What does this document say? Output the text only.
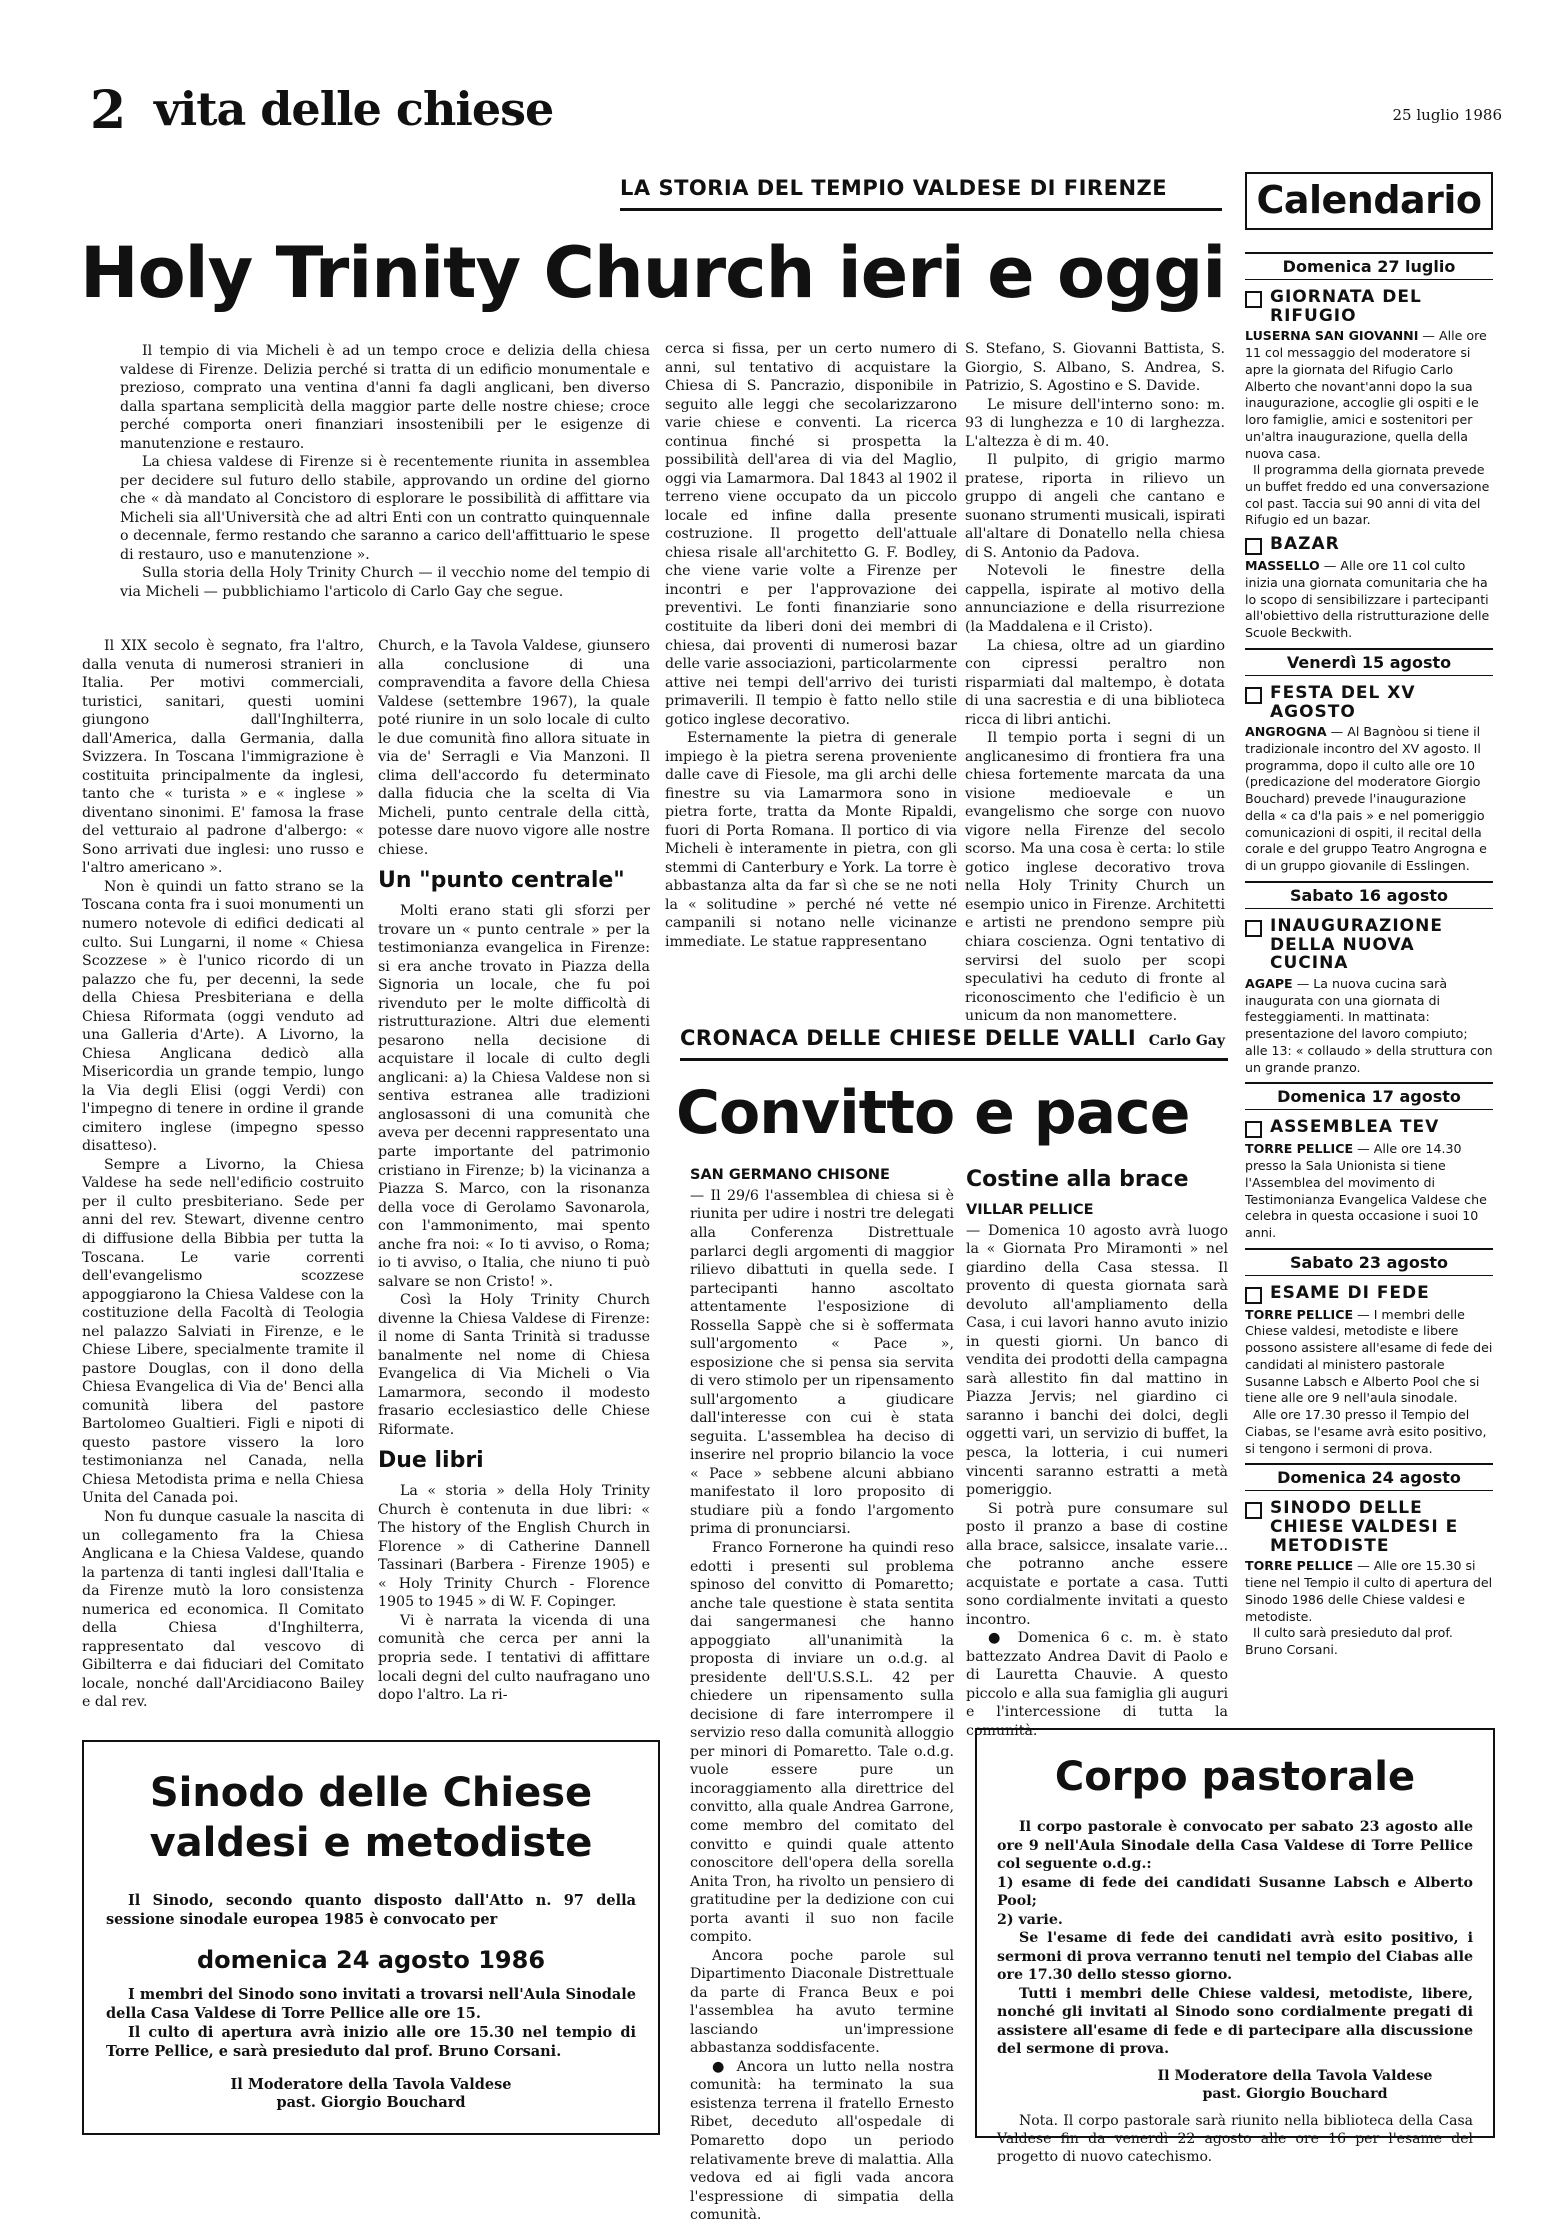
2 vita delle chiese	25 luglio 1986
LA STORIA DEL TEMPIO VALDESE DI FIRENZE
Holy Trinity Church ieri e oggi

Il tempio di via Micheli è ad un tempo croce e delizia della chiesa valdese di Firenze. Delizia perché si tratta di un edificio monumentale e prezioso, comprato una ventina d'anni fa dagli anglicani, ben diverso dalla spartana semplicità della maggior parte delle nostre chiese; croce perché comporta oneri finanziari insostenibili per le esigenze di manutenzione e restauro.

La chiesa valdese di Firenze si è recentemente riunita in assemblea per decidere sul futuro dello stabile, approvando un ordine del giorno che « dà mandato al Concistoro di esplorare le possibilità di affittare via Micheli sia all'Università che ad altri Enti con un contratto quinquennale o decennale, fermo restando che saranno a carico dell'affittuario le spese di restauro, uso e manutenzione ».

Sulla storia della Holy Trinity Church — il vecchio nome del tempio di via Micheli — pubblichiamo l'articolo di Carlo Gay che segue.

cerca si fissa, per un certo numero di anni, sul tentativo di acquistare la Chiesa di S. Pancrazio, disponibile in seguito alle leggi che secolarizzarono varie chiese e conventi. La ricerca continua finché si prospetta la possibilità dell'area di via del Maglio, oggi via Lamarmora. Dal 1843 al 1902 il terreno viene occupato da un piccolo locale ed infine dalla presente costruzione. Il progetto dell'attuale chiesa risale all'architetto G. F. Bodley, che viene varie volte a Firenze per incontri e per l'approvazione dei preventivi. Le fonti finanziarie sono costituite da liberi doni dei membri di chiesa, dai proventi di numerosi bazar delle varie associazioni, particolarmente attive nei tempi dell'arrivo dei turisti primaverili. Il tempio è fatto nello stile gotico inglese decorativo.

Esternamente la pietra di generale impiego è la pietra serena proveniente dalle cave di Fiesole, ma gli archi delle finestre su via Lamarmora sono in pietra forte, tratta da Monte Ripaldi, fuori di Porta Romana. Il portico di via Micheli è interamente in pietra, con gli stemmi di Canterbury e York. La torre è abbastanza alta da far sì che se ne noti la « solitudine » perché né vette né campanili si notano nelle vicinanze immediate. Le statue rappresentano

S. Stefano, S. Giovanni Battista, S. Giorgio, S. Albano, S. Andrea, S. Patrizio, S. Agostino e S. Davide.

Le misure dell'interno sono: m. 93 di lunghezza e 10 di larghezza. L'altezza è di m. 40.

Il pulpito, di grigio marmo pratese, riporta in rilievo un gruppo di angeli che cantano e suonano strumenti musicali, ispirati all'altare di Donatello nella chiesa di S. Antonio da Padova.

Notevoli le finestre della cappella, ispirate al motivo della annunciazione e della risurrezione (la Maddalena e il Cristo).

La chiesa, oltre ad un giardino con cipressi peraltro non risparmiati dal maltempo, è dotata di una sacrestia e di una biblioteca ricca di libri antichi.

Il tempio porta i segni di un anglicanesimo di frontiera fra una chiesa fortemente marcata da una visione medioevale e un evangelismo che sorge con nuovo vigore nella Firenze del secolo scorso. Ma una cosa è certa: lo stile gotico inglese decorativo trova nella Holy Trinity Church un esempio unico in Firenze. Architetti e artisti ne prendono sempre più chiara coscienza. Ogni tentativo di servirsi del suolo per scopi speculativi ha ceduto di fronte al riconoscimento che l'edificio è un unicum da non manomettere.

Carlo Gay

Il XIX secolo è segnato, fra l'altro, dalla venuta di numerosi stranieri in Italia. Per motivi commerciali, turistici, sanitari, questi uomini giungono dall'Inghilterra, dall'America, dalla Germania, dalla Svizzera. In Toscana l'immigrazione è costituita principalmente da inglesi, tanto che « turista » e « inglese » diventano sinonimi. E' famosa la frase del vetturaio al padrone d'albergo: « Sono arrivati due inglesi: uno russo e l'altro americano ».

Non è quindi un fatto strano se la Toscana conta fra i suoi monumenti un numero notevole di edifici dedicati al culto. Sui Lungarni, il nome « Chiesa Scozzese » è l'unico ricordo di un palazzo che fu, per decenni, la sede della Chiesa Presbiteriana e della Chiesa Riformata (oggi venduto ad una Galleria d'Arte). A Livorno, la Chiesa Anglicana dedicò alla Misericordia un grande tempio, lungo la Via degli Elisi (oggi Verdi) con l'impegno di tenere in ordine il grande cimitero inglese (impegno spesso disatteso).

Sempre a Livorno, la Chiesa Valdese ha sede nell'edificio costruito per il culto presbiteriano. Sede per anni del rev. Stewart, divenne centro di diffusione della Bibbia per tutta la Toscana. Le varie correnti dell'evangelismo scozzese appoggiarono la Chiesa Valdese con la costituzione della Facoltà di Teologia nel palazzo Salviati in Firenze, e le Chiese Libere, specialmente tramite il pastore Douglas, con il dono della Chiesa Evangelica di Via de' Benci alla comunità libera del pastore Bartolomeo Gualtieri. Figli e nipoti di questo pastore vissero la loro testimonianza nel Canada, nella Chiesa Metodista prima e nella Chiesa Unita del Canada poi.

Non fu dunque casuale la nascita di un collegamento fra la Chiesa Anglicana e la Chiesa Valdese, quando la partenza di tanti inglesi dall'Italia e da Firenze mutò la loro consistenza numerica ed economica. Il Comitato della Chiesa d'Inghilterra, rappresentato dal vescovo di Gibilterra e dai fiduciari del Comitato locale, nonché dall'Arcidiacono Bailey e dal rev.

Church, e la Tavola Valdese, giunsero alla conclusione di una compravendita a favore della Chiesa Valdese (settembre 1967), la quale poté riunire in un solo locale di culto le due comunità fino allora situate in via de' Serragli e Via Manzoni. Il clima dell'accordo fu determinato dalla fiducia che la scelta di Via Micheli, punto centrale della città, potesse dare nuovo vigore alle nostre chiese.

Un "punto centrale"

Molti erano stati gli sforzi per trovare un « punto centrale » per la testimonianza evangelica in Firenze: si era anche trovato in Piazza della Signoria un locale, che fu poi rivenduto per le molte difficoltà di ristrutturazione. Altri due elementi pesarono nella decisione di acquistare il locale di culto degli anglicani: a) la Chiesa Valdese non si sentiva estranea alle tradizioni anglosassoni di una comunità che aveva per decenni rappresentato una parte importante del patrimonio cristiano in Firenze; b) la vicinanza a Piazza S. Marco, con la risonanza della voce di Gerolamo Savonarola, con l'ammonimento, mai spento anche fra noi: « Io ti avviso, o Roma; io ti avviso, o Italia, che niuno ti può salvare se non Cristo! ».

Così la Holy Trinity Church divenne la Chiesa Valdese di Firenze: il nome di Santa Trinità si tradusse banalmente nel nome di Chiesa Evangelica di Via Micheli o Via Lamarmora, secondo il modesto frasario ecclesiastico delle Chiese Riformate.

Due libri

La « storia » della Holy Trinity Church è contenuta in due libri: « The history of the English Church in Florence » di Catherine Dannell Tassinari (Barbera - Firenze 1905) e « Holy Trinity Church - Florence 1905 to 1945 » di W. F. Copinger.

Vi è narrata la vicenda di una comunità che cerca per anni la propria sede. I tentativi di affittare locali degni del culto naufragano uno dopo l'altro. La ri-

Calendario
Domenica 27 luglio
GIORNATA DEL RIFUGIO
LUSERNA SAN GIOVANNI — Alle ore 11 col messaggio del moderatore si apre la giornata del Rifugio Carlo Alberto che novant'anni dopo la sua inaugurazione, accoglie gli ospiti e le loro famiglie, amici e sostenitori per un'altra inaugurazione, quella della nuova casa.
Il programma della giornata prevede un buffet freddo ed una conversazione col past. Taccia sui 90 anni di vita del Rifugio ed un bazar.
BAZAR
MASSELLO — Alle ore 11 col culto inizia una giornata comunitaria che ha lo scopo di sensibilizzare i partecipanti all'obiettivo della ristrutturazione delle Scuole Beckwith.
Venerdì 15 agosto
FESTA DEL XV AGOSTO
ANGROGNA — Al Bagnòou si tiene il tradizionale incontro del XV agosto. Il programma, dopo il culto alle ore 10 (predicazione del moderatore Giorgio Bouchard) prevede l'inaugurazione della « ca d'la pais » e nel pomeriggio comunicazioni di ospiti, il recital della corale e del gruppo Teatro Angrogna e di un gruppo giovanile di Esslingen.
Sabato 16 agosto
INAUGURAZIONE DELLA NUOVA CUCINA
AGAPE — La nuova cucina sarà inaugurata con una giornata di festeggiamenti. In mattinata: presentazione del lavoro compiuto; alle 13: « collaudo » della struttura con un grande pranzo.
Domenica 17 agosto
ASSEMBLEA TEV
TORRE PELLICE — Alle ore 14.30 presso la Sala Unionista si tiene l'Assemblea del movimento di Testimonianza Evangelica Valdese che celebra in questa occasione i suoi 10 anni.
Sabato 23 agosto
ESAME DI FEDE
TORRE PELLICE — I membri delle Chiese valdesi, metodiste e libere possono assistere all'esame di fede dei candidati al ministero pastorale Susanne Labsch e Alberto Pool che si tiene alle ore 9 nell'aula sinodale.
Alle ore 17.30 presso il Tempio del Ciabas, se l'esame avrà esito positivo, si tengono i sermoni di prova.
Domenica 24 agosto
SINODO DELLE CHIESE VALDESI E METODISTE
TORRE PELLICE — Alle ore 15.30 si tiene nel Tempio il culto di apertura del Sinodo 1986 delle Chiese valdesi e metodiste.
Il culto sarà presieduto dal prof. Bruno Corsani.
CRONACA DELLE CHIESE DELLE VALLI
Convitto e pace
SAN GERMANO CHISONE

— Il 29/6 l'assemblea di chiesa si è riunita per udire i nostri tre delegati alla Conferenza Distrettuale parlarci degli argomenti di maggior rilievo dibattuti in quella sede. I partecipanti hanno ascoltato attentamente l'esposizione di Rossella Sappè che si è soffermata sull'argomento « Pace », esposizione che si pensa sia servita di vero stimolo per un ripensamento sull'argomento a giudicare dall'interesse con cui è stata seguita. L'assemblea ha deciso di inserire nel proprio bilancio la voce « Pace » sebbene alcuni abbiano manifestato il loro proposito di studiare più a fondo l'argomento prima di pronunciarsi.

Franco Fornerone ha quindi reso edotti i presenti sul problema spinoso del convitto di Pomaretto; anche tale questione è stata sentita dai sangermanesi che hanno appoggiato all'unanimità la proposta di inviare un o.d.g. al presidente dell'U.S.S.L. 42 per chiedere un ripensamento sulla decisione di fare interrompere il servizio reso dalla comunità alloggio per minori di Pomaretto. Tale o.d.g. vuole essere pure un incoraggiamento alla direttrice del convitto, alla quale Andrea Garrone, come membro del comitato del convitto e quindi quale attento conoscitore dell'opera della sorella Anita Tron, ha rivolto un pensiero di gratitudine per la dedizione con cui porta avanti il suo non facile compito.

Ancora poche parole sul Dipartimento Diaconale Distrettuale da parte di Franca Beux e poi l'assemblea ha avuto termine lasciando un'impressione abbastanza soddisfacente.

● Ancora un lutto nella nostra comunità: ha terminato la sua esistenza terrena il fratello Ernesto Ribet, deceduto all'ospedale di Pomaretto dopo un periodo relativamente breve di malattia. Alla vedova ed ai figli vada ancora l'espressione di simpatia della comunità.

Costine alla brace
VILLAR PELLICE

— Domenica 10 agosto avrà luogo la « Giornata Pro Miramonti » nel giardino della Casa stessa. Il provento di questa giornata sarà devoluto all'ampliamento della Casa, i cui lavori hanno avuto inizio in questi giorni. Un banco di vendita dei prodotti della campagna sarà allestito fin dal mattino in Piazza Jervis; nel giardino ci saranno i banchi dei dolci, degli oggetti vari, un servizio di buffet, la pesca, la lotteria, i cui numeri vincenti saranno estratti a metà pomeriggio.

Si potrà pure consumare sul posto il pranzo a base di costine alla brace, salsicce, insalate varie... che potranno anche essere acquistate e portate a casa. Tutti sono cordialmente invitati a questo incontro.

● Domenica 6 c. m. è stato battezzato Andrea Davit di Paolo e di Lauretta Chauvie. A questo piccolo e alla sua famiglia gli auguri e l'intercessione di tutta la comunità.

Sinodo delle Chiese
valdesi e metodiste

Il Sinodo, secondo quanto disposto dall'Atto n. 97 della sessione sinodale europea 1985 è convocato per

domenica 24 agosto 1986

I membri del Sinodo sono invitati a trovarsi nell'Aula Sinodale della Casa Valdese di Torre Pellice alle ore 15.

Il culto di apertura avrà inizio alle ore 15.30 nel tempio di Torre Pellice, e sarà presieduto dal prof. Bruno Corsani.

Il Moderatore della Tavola Valdese
past. Giorgio Bouchard
Corpo pastorale

Il corpo pastorale è convocato per sabato 23 agosto alle ore 9 nell'Aula Sinodale della Casa Valdese di Torre Pellice col seguente o.d.g.:

1) esame di fede dei candidati Susanne Labsch e Alberto Pool;
2) varie.

Se l'esame di fede dei candidati avrà esito positivo, i sermoni di prova verranno tenuti nel tempio del Ciabas alle ore 17.30 dello stesso giorno.

Tutti i membri delle Chiese valdesi, metodiste, libere, nonché gli invitati al Sinodo sono cordialmente pregati di assistere all'esame di fede e di partecipare alla discussione del sermone di prova.

Il Moderatore della Tavola Valdese
past. Giorgio Bouchard

Nota. Il corpo pastorale sarà riunito nella biblioteca della Casa Valdese fin da venerdì 22 agosto alle ore 16 per l'esame del progetto di nuovo catechismo.
